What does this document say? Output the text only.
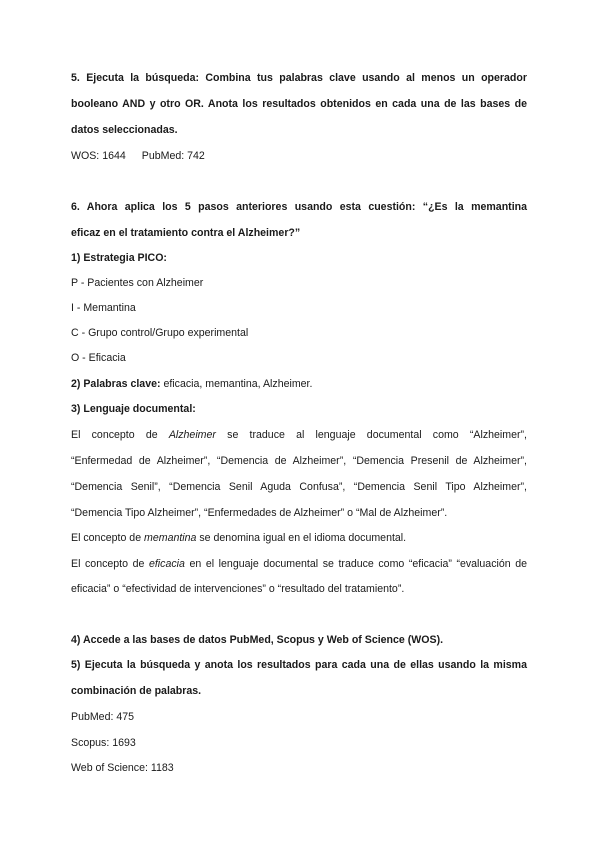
5. Ejecuta la búsqueda: Combina tus palabras clave usando al menos un operador

booleano AND y otro OR. Anota los resultados obtenidos en cada una de las bases de

datos seleccionadas.

WOS: 1644 PubMed: 742

6. Ahora aplica los 5 pasos anteriores usando esta cuestión: “¿Es la memantina

eficaz en el tratamiento contra el Alzheimer?”

1) Estrategia PICO:

P - Pacientes con Alzheimer

I - Memantina

C - Grupo control/Grupo experimental

O - Eficacia

2) Palabras clave: eficacia, memantina, Alzheimer.

3) Lenguaje documental:

El concepto de Alzheimer se traduce al lenguaje documental como “Alzheimer”,

“Enfermedad de Alzheimer”, “Demencia de Alzheimer”, “Demencia Presenil de Alzheimer”,

“Demencia Senil”, “Demencia Senil Aguda Confusa”, “Demencia Senil Tipo Alzheimer”,

“Demencia Tipo Alzheimer”, “Enfermedades de Alzheimer” o “Mal de Alzheimer”.

El concepto de memantina se denomina igual en el idioma documental.

El concepto de eficacia en el lenguaje documental se traduce como “eficacia” “evaluación de

eficacia” o “efectividad de intervenciones” o “resultado del tratamiento”.

4) Accede a las bases de datos PubMed, Scopus y Web of Science (WOS).

5) Ejecuta la búsqueda y anota los resultados para cada una de ellas usando la misma

combinación de palabras.

PubMed: 475

Scopus: 1693

Web of Science: 1183
